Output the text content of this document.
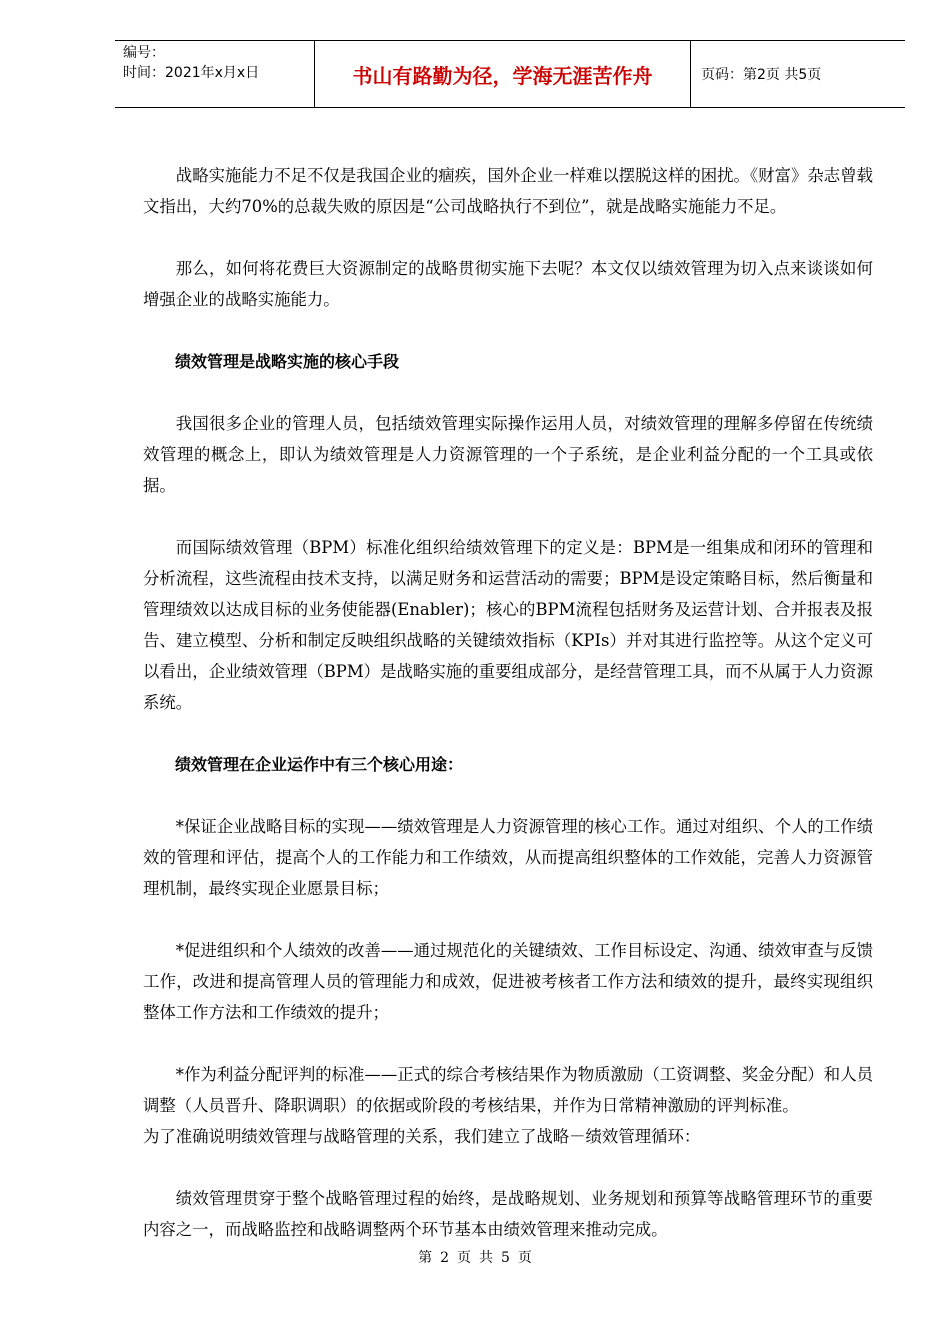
编号：
时间：2021年x月x日	书山有路勤为径，学海无涯苦作舟	页码：第2页 共5页

战略实施能力不足不仅是我国企业的痼疾，国外企业一样难以摆脱这样的困扰。《财富》杂志曾载文指出，大约70%的总裁失败的原因是“公司战略执行不到位”，就是战略实施能力不足。

那么，如何将花费巨大资源制定的战略贯彻实施下去呢？本文仅以绩效管理为切入点来谈谈如何增强企业的战略实施能力。

绩效管理是战略实施的核心手段

我国很多企业的管理人员，包括绩效管理实际操作运用人员，对绩效管理的理解多停留在传统绩效管理的概念上，即认为绩效管理是人力资源管理的一个子系统，是企业利益分配的一个工具或依据。

而国际绩效管理（BPM）标准化组织给绩效管理下的定义是：BPM是一组集成和闭环的管理和分析流程，这些流程由技术支持，以满足财务和运营活动的需要；BPM是设定策略目标，然后衡量和管理绩效以达成目标的业务使能器(Enabler)；核心的BPM流程包括财务及运营计划、合并报表及报告、建立模型、分析和制定反映组织战略的关键绩效指标（KPIs）并对其进行监控等。从这个定义可以看出，企业绩效管理（BPM）是战略实施的重要组成部分，是经营管理工具，而不从属于人力资源系统。

绩效管理在企业运作中有三个核心用途：

*保证企业战略目标的实现——绩效管理是人力资源管理的核心工作。通过对组织、个人的工作绩效的管理和评估，提高个人的工作能力和工作绩效，从而提高组织整体的工作效能，完善人力资源管理机制，最终实现企业愿景目标；

*促进组织和个人绩效的改善——通过规范化的关键绩效、工作目标设定、沟通、绩效审查与反馈工作，改进和提高管理人员的管理能力和成效，促进被考核者工作方法和绩效的提升，最终实现组织整体工作方法和工作绩效的提升；

*作为利益分配评判的标准——正式的综合考核结果作为物质激励（工资调整、奖金分配）和人员调整（人员晋升、降职调职）的依据或阶段的考核结果，并作为日常精神激励的评判标准。

为了准确说明绩效管理与战略管理的关系，我们建立了战略－绩效管理循环：

绩效管理贯穿于整个战略管理过程的始终，是战略规划、业务规划和预算等战略管理环节的重要内容之一，而战略监控和战略调整两个环节基本由绩效管理来推动完成。

第 2 页 共 5 页
